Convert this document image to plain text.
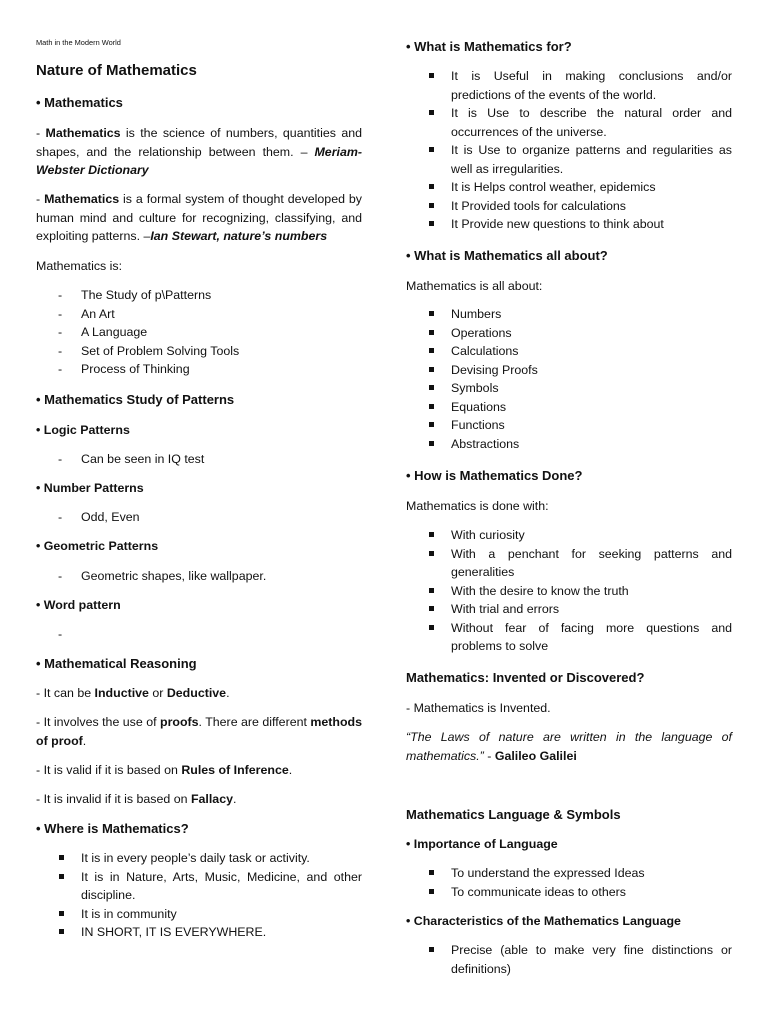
Math in the Modern World

Nature of Mathematics

• Mathematics

- Mathematics is the science of numbers, quantities and shapes, and the relationship between them. – Meriam-Webster Dictionary

- Mathematics is a formal system of thought developed by human mind and culture for recognizing, classifying, and exploiting patterns. –Ian Stewart, nature’s numbers

Mathematics is:

- The Study of p\Patterns
- An Art
- A Language
- Set of Problem Solving Tools
- Process of Thinking

• Mathematics Study of Patterns

• Logic Patterns

- Can be seen in IQ test

• Number Patterns

- Odd, Even

• Geometric Patterns

- Geometric shapes, like wallpaper.

• Word pattern

• Mathematical Reasoning

- It can be Inductive or Deductive.

- It involves the use of proofs. There are different methods of proof.

- It is valid if it is based on Rules of Inference.

- It is invalid if it is based on Fallacy.

• Where is Mathematics?

It is in every people’s daily task or activity.
It is in Nature, Arts, Music, Medicine, and other discipline.
It is in community
IN SHORT, IT IS EVERYWHERE.

• What is Mathematics for?

It is Useful in making conclusions and/or predictions of the events of the world.
It is Use to describe the natural order and occurrences of the universe.
It is Use to organize patterns and regularities as well as irregularities.
It is Helps control weather, epidemics
It Provided tools for calculations
It Provide new questions to think about

• What is Mathematics all about?

Mathematics is all about:

Numbers
Operations
Calculations
Devising Proofs
Symbols
Equations
Functions
Abstractions

• How is Mathematics Done?

Mathematics is done with:

With curiosity
With a penchant for seeking patterns and generalities
With the desire to know the truth
With trial and errors
Without fear of facing more questions and problems to solve

Mathematics: Invented or Discovered?

- Mathematics is Invented.

“The Laws of nature are written in the language of mathematics.” - Galileo Galilei

Mathematics Language & Symbols

• Importance of Language

To understand the expressed Ideas
To communicate ideas to others

• Characteristics of the Mathematics Language

Precise (able to make very fine distinctions or definitions)
